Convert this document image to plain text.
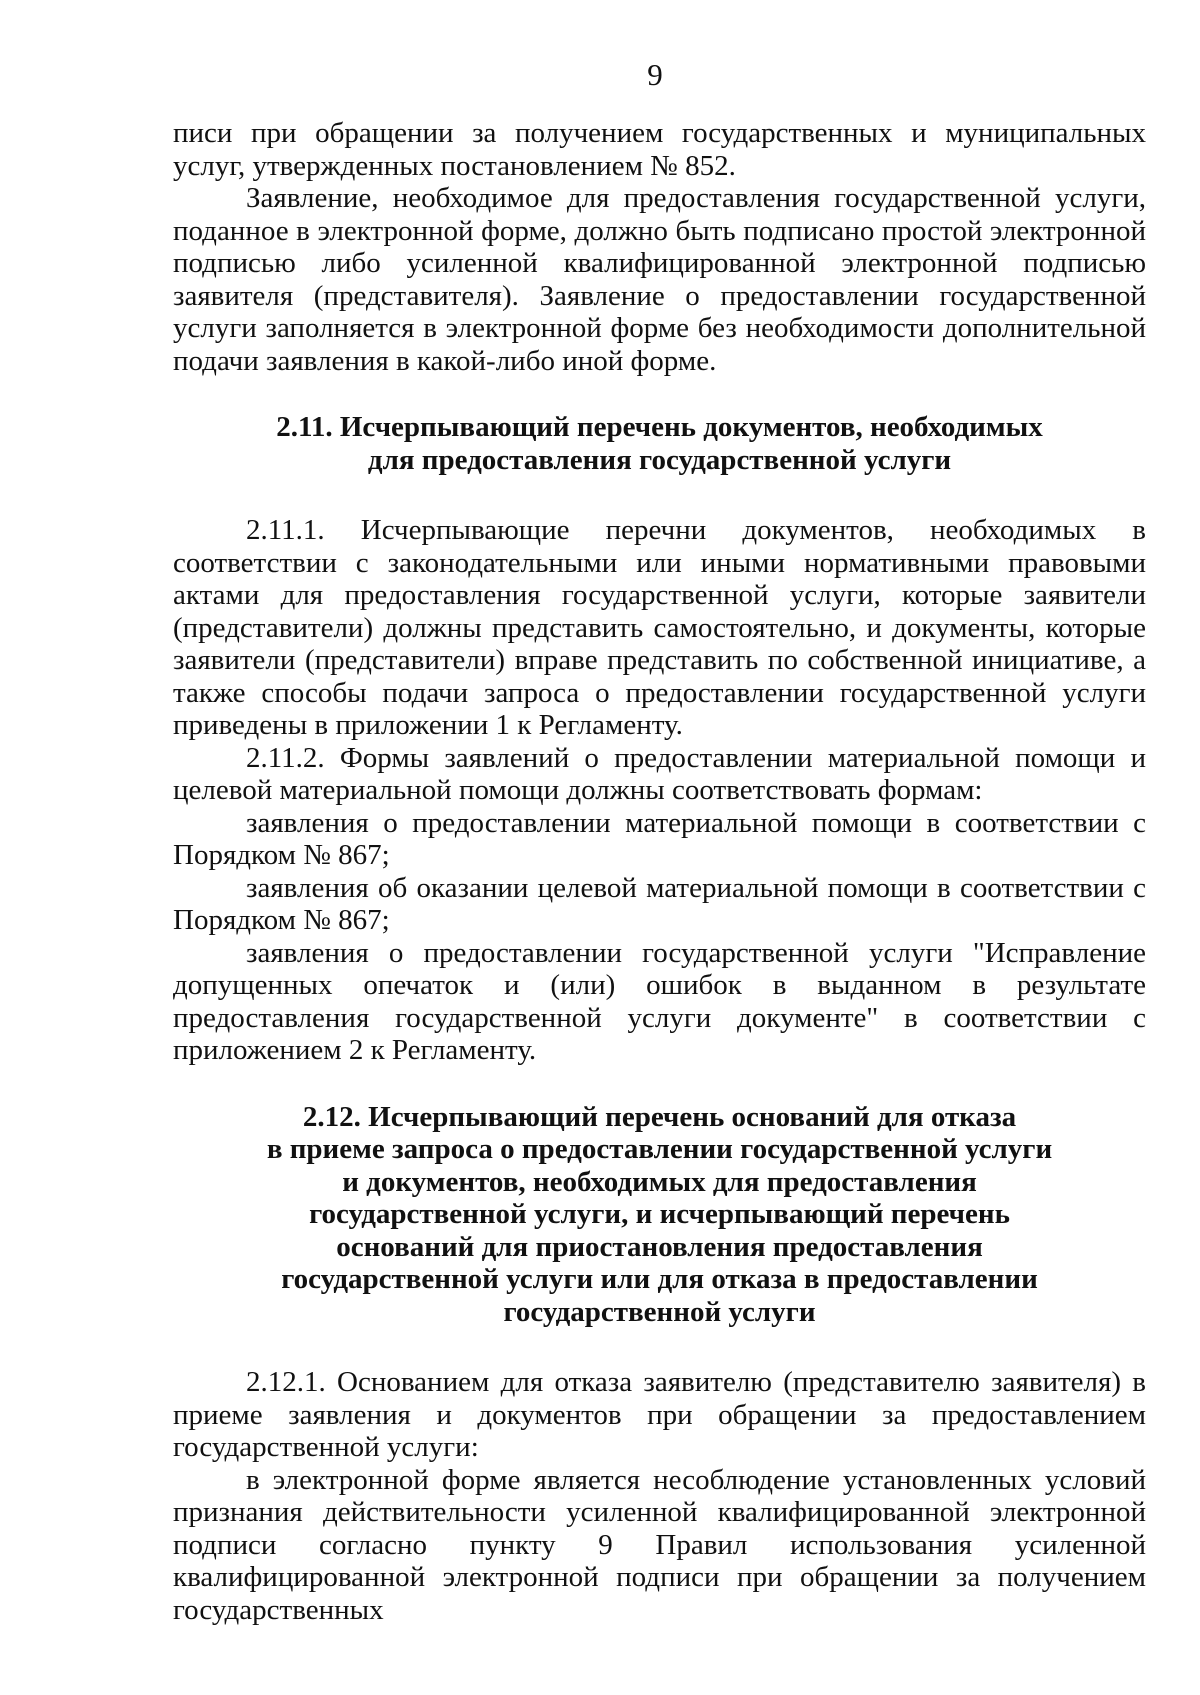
9

писи при обращении за получением государственных и муниципальных услуг, утвержденных постановлением № 852.

Заявление, необходимое для предоставления государственной услуги, поданное в электронной форме, должно быть подписано простой электронной подписью либо усиленной квалифицированной электронной подписью заявителя (представителя). Заявление о предоставлении государственной услуги заполняется в электронной форме без необходимости дополнительной подачи заявления в какой-либо иной форме.

2.11. Исчерпывающий перечень документов, необходимых
для предоставления государственной услуги

2.11.1. Исчерпывающие перечни документов, необходимых в соответствии с законодательными или иными нормативными правовыми актами для предоставления государственной услуги, которые заявители (представители) должны представить самостоятельно, и документы, которые заявители (представители) вправе представить по собственной инициативе, а также способы подачи запроса о предоставлении государственной услуги приведены в приложении 1 к Регламенту.

2.11.2. Формы заявлений о предоставлении материальной помощи и целевой материальной помощи должны соответствовать формам:

заявления о предоставлении материальной помощи в соответствии с Порядком № 867;

заявления об оказании целевой материальной помощи в соответствии с Порядком № 867;

заявления о предоставлении государственной услуги "Исправление допущенных опечаток и (или) ошибок в выданном в результате предоставления государственной услуги документе" в соответствии с приложением 2 к Регламенту.

2.12. Исчерпывающий перечень оснований для отказа
в приеме запроса о предоставлении государственной услуги
и документов, необходимых для предоставления
государственной услуги, и исчерпывающий перечень
оснований для приостановления предоставления
государственной услуги или для отказа в предоставлении
государственной услуги

2.12.1. Основанием для отказа заявителю (представителю заявителя) в приеме заявления и документов при обращении за предоставлением государственной услуги:

в электронной форме является несоблюдение установленных условий признания действительности усиленной квалифицированной электронной подписи согласно пункту 9 Правил использования усиленной квалифицированной электронной подписи при обращении за получением государственных
